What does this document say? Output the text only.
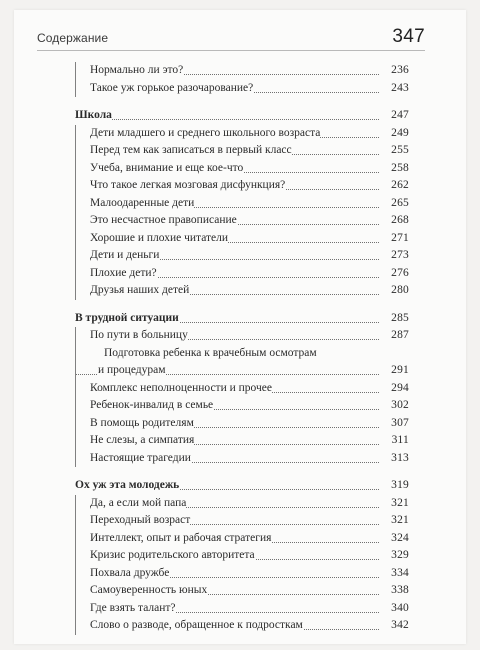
Содержание	347
Нормально ли это?	236
Такое уж горькое разочарование?	243
Школа	247
Дети младшего и среднего школьного возраста	249
Перед тем как записаться в первый класс	255
Учеба, внимание и еще кое-что	258
Что такое легкая мозговая дисфункция?	262
Малоодаренные дети	265
Это несчастное правописание	268
Хорошие и плохие читатели	271
Дети и деньги	273
Плохие дети?	276
Друзья наших детей	280
В трудной ситуации	285
По пути в больницу	287
Подготовка ребенка к врачебным осмотрам
и процедурам	291
Комплекс неполноценности и прочее	294
Ребенок-инвалид в семье	302
В помощь родителям	307
Не слезы, а симпатия	311
Настоящие трагедии	313
Ох уж эта молодежь	319
Да, а если мой папа	321
Переходный возраст	321
Интеллект, опыт и рабочая стратегия	324
Кризис родительского авторитета	329
Похвала дружбе	334
Самоуверенность юных	338
Где взять талант?	340
Слово о разводе, обращенное к подросткам	342
